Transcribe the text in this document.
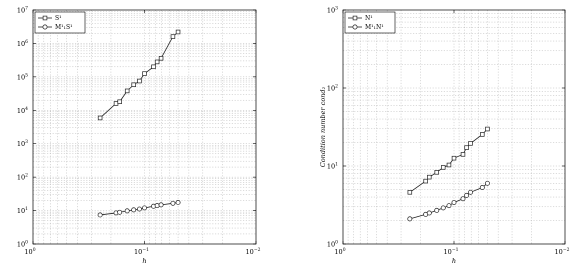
$10^0$	$10^{-1}$	$10^{-2}$
$10^0$
$10^1$
$10^2$
$10^3$
$10^4$
$10^5$
$10^6$
$10^7$
h
S¹
M¹₁S¹
$10^0$	$10^{-1}$	$10^{-2}$
$10^0$
$10^1$
$10^2$
$10^3$
h
Condition number cond₂
N¹
M¹₁N¹
